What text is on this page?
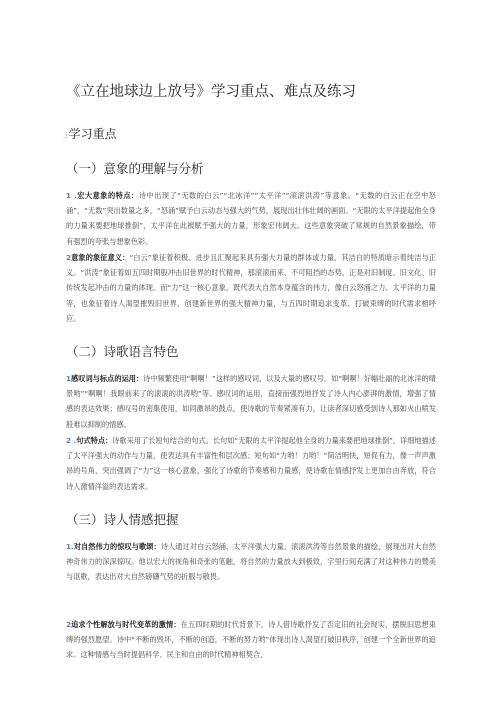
《立在地球边上放号》学习重点、难点及练习
.:学习重点
（一）意象的理解与分析
1 .宏大意象的特点：诗中出现了“无数的白云”“北冰洋”“太平洋”“滚滚洪涛”等意象。“无数的白云正在空中怒涌”，“无数”突出数量之多，“怒涌”赋予白云动态与强大的气势，展现出壮伟壮阔的画面。“无限的太平洋提起他全身的力量来要把地球推倒”，太平洋在此被赋予强大的力量，形象宏伟阔大。这些意象突破了常规的自然景象描绘，带有强烈的夸张与想象色彩。
2意象的象征意义：“白云”象征着积极、进步且汇聚起来具有强大力量的群体或力量，其洁白的特质暗示着纯洁与正义。“洪涛”象征着如五四时期般冲击旧世界的时代精神，那滚滚而来、不可阻挡的态势，正是对旧制度、旧文化、旧传统发起冲击的力量的体现。而“力”这一核心意象，既代表大自然本身蕴含的伟力，像白云怒涌之力、太平洋的力量等，也象征着诗人渴望摧毁旧世界、创建新世界的强大精神力量，与五四时期追求变革、打破束缚的时代需求相呼应。
（二）诗歌语言特色
1感叹词与标点的运用：诗中频繁使用“啊啊！”这样的感叹词，以及大量的感叹号。如“啊啊！好幅壮丽的北冰洋的晴景哟”“啊啊！我眼前来了的滚滚的洪涛哟”等。感叹词的运用，直接而强烈地抒发了诗人内心澎湃的激情，增强了情感的表达效果；感叹号的密集使用，如同激昂的鼓点，使诗歌的节奏紧凑有力，让读者深切感受到诗人那如火山喷发般难以抑制的情感。
2 .句式特点：诗歌采用了长短句结合的句式。长句如“无限的太平洋提起他全身的力量来要把地球推倒”，详细地描述了太平洋强大的动作与力量，使表达具有丰富性和层次感；短句如“力哟！力哟！”简洁明快，短促有力，像一声声激昂的号角，突出强调了“力”这一核心意象，强化了诗歌的节奏感和力量感，使诗歌在情感抒发上更加自由奔放，符合诗人激情洋溢的表达需求。
（三）诗人情感把握
1.对自然伟力的惊叹与歌颂：诗人通过对白云怒涌、太平洋强大力量、滚滚洪涛等自然景象的描绘，展现出对大自然神奇伟力的深深惊叹。他以宏大的视角和奇张的笔触，将自然的力量放大到极致，字里行间充满了对这种伟力的赞美与讴歌，表达出对大自然磅礴气势的折服与敬畏。
2追求个性解放与时代变革的激情：在五四时期的时代背景下，诗人借诗歌抒发了否定旧的社会现实、摆脱旧思想束缚的强烈愿望。诗中“不断的毁坏，不断的创造，不断的努力哟”体现出诗人渴望打破旧秩序，创建一个全新世界的追求。这种情感与当时提倡科学、民主和自由的时代精神相契合，
